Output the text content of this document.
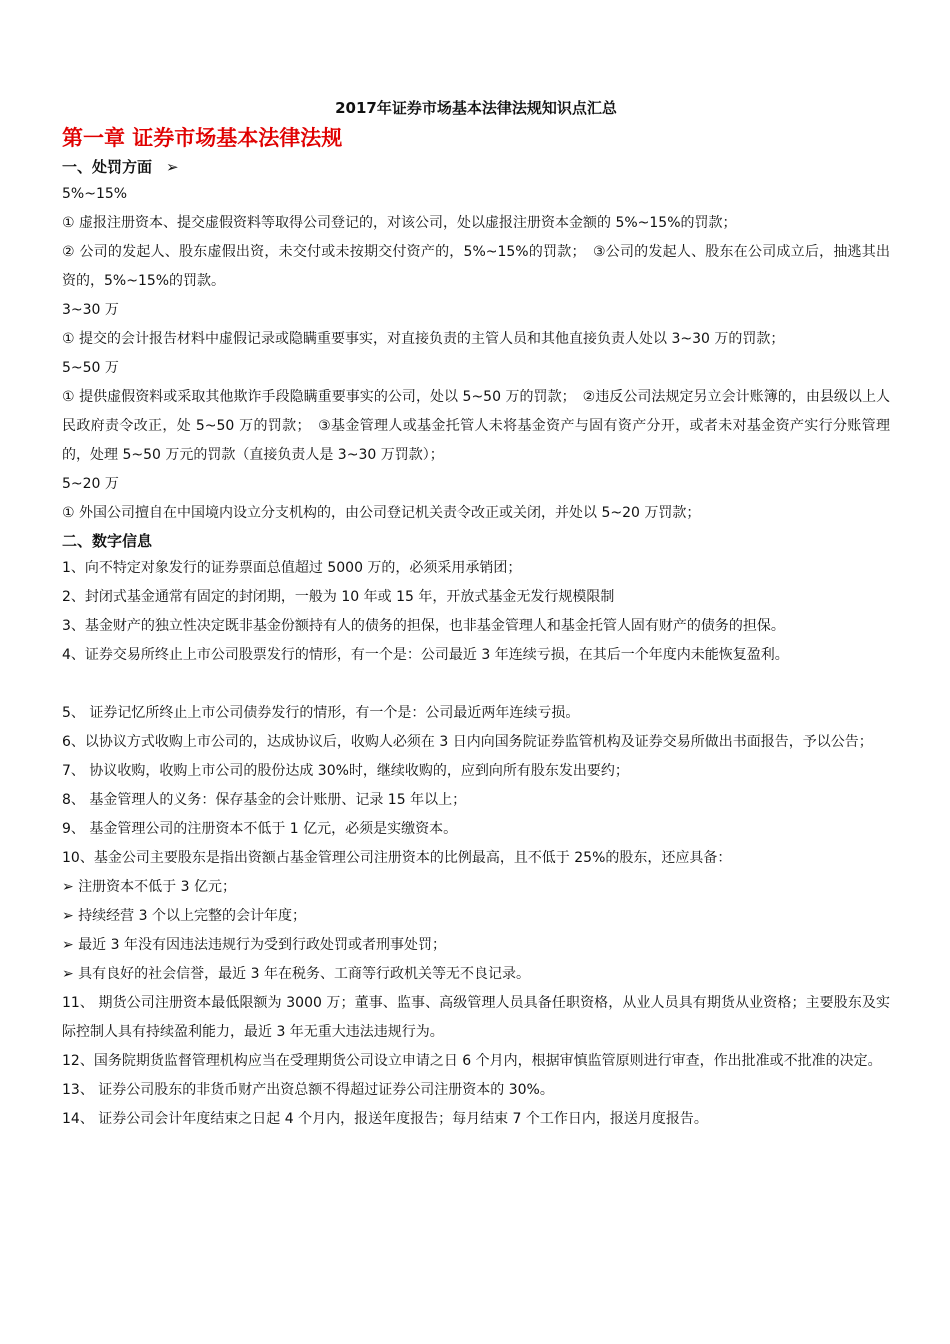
2017年证券市场基本法律法规知识点汇总

第一章 证券市场基本法律法规

一、处罚方面 ➢

5%~15%

① 虚报注册资本、提交虚假资料等取得公司登记的，对该公司，处以虚报注册资本金额的 5%~15%的罚款；

② 公司的发起人、股东虚假出资，未交付或未按期交付资产的，5%~15%的罚款；　③公司的发起人、股东在公司成立后，抽逃其出资的，5%~15%的罚款。

3~30 万

① 提交的会计报告材料中虚假记录或隐瞒重要事实，对直接负责的主管人员和其他直接负责人处以 3~30 万的罚款；

5~50 万

① 提供虚假资料或采取其他欺诈手段隐瞒重要事实的公司，处以 5~50 万的罚款；　②违反公司法规定另立会计账簿的，由县级以上人民政府责令改正，处 5~50 万的罚款；　③基金管理人或基金托管人未将基金资产与固有资产分开，或者未对基金资产实行分账管理的，处理 5~50 万元的罚款（直接负责人是 3~30 万罚款）；

5~20 万

① 外国公司擅自在中国境内设立分支机构的，由公司登记机关责令改正或关闭，并处以 5~20 万罚款；

二、数字信息

1、向不特定对象发行的证券票面总值超过 5000 万的，必须采用承销团；

2、封闭式基金通常有固定的封闭期，一般为 10 年或 15 年，开放式基金无发行规模限制

3、基金财产的独立性决定既非基金份额持有人的债务的担保，也非基金管理人和基金托管人固有财产的债务的担保。

4、证券交易所终止上市公司股票发行的情形，有一个是：公司最近 3 年连续亏损，在其后一个年度内未能恢复盈利。

5、 证券记忆所终止上市公司债券发行的情形，有一个是：公司最近两年连续亏损。

6、以协议方式收购上市公司的，达成协议后，收购人必须在 3 日内向国务院证券监管机构及证券交易所做出书面报告，予以公告；

7、 协议收购，收购上市公司的股份达成 30%时，继续收购的，应到向所有股东发出要约；

8、 基金管理人的义务：保存基金的会计账册、记录 15 年以上；

9、 基金管理公司的注册资本不低于 1 亿元，必须是实缴资本。

10、基金公司主要股东是指出资额占基金管理公司注册资本的比例最高，且不低于 25%的股东，还应具备：

➢ 注册资本不低于 3 亿元；

➢ 持续经营 3 个以上完整的会计年度；

➢ 最近 3 年没有因违法违规行为受到行政处罚或者刑事处罚；

➢ 具有良好的社会信誉，最近 3 年在税务、工商等行政机关等无不良记录。

11、 期货公司注册资本最低限额为 3000 万；董事、监事、高级管理人员具备任职资格，从业人员具有期货从业资格；主要股东及实际控制人具有持续盈利能力，最近 3 年无重大违法违规行为。

12、国务院期货监督管理机构应当在受理期货公司设立申请之日 6 个月内，根据审慎监管原则进行审查，作出批准或不批准的决定。

13、 证券公司股东的非货币财产出资总额不得超过证券公司注册资本的 30%。

14、 证券公司会计年度结束之日起 4 个月内，报送年度报告；每月结束 7 个工作日内，报送月度报告。
